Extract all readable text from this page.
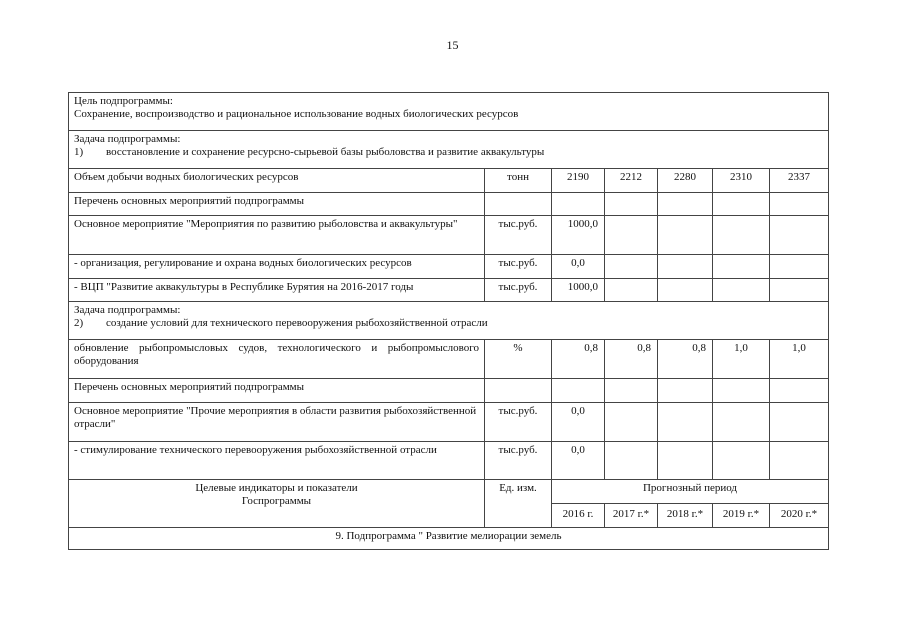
15
Цель подпрограммы:
Сохранение, воспроизводство и рациональное использование водных биологических ресурсов						

Задача подпрограммы:
1) восстановление и сохранение ресурсно-сырьевой базы рыболовства и развитие аквакультуры						

Объем добычи водных биологических ресурсов	тонн	2190	2212	2280	2310	2337
Перечень основных мероприятий подпрограммы						
Основное мероприятие "Мероприятия по развитию рыболовства и аквакультуры"	тыс.руб.	1000,0				
- организация, регулирование и охрана водных биологических ресурсов	тыс.руб.	0,0				
- ВЦП "Развитие аквакультуры в Республике Бурятия на 2016-2017 годы	тыс.руб.	1000,0				

Задача подпрограммы:
2) создание условий для технического перевооружения рыбохозяйственной отрасли						

обновление рыбопромысловых судов, технологического и рыбопромыслового оборудования	%	0,8	0,8	0,8	1,0	1,0
Перечень основных мероприятий подпрограммы						
Основное мероприятие "Прочие мероприятия в области развития рыбохозяйственной отрасли"	тыс.руб.	0,0				
- стимулирование технического перевооружения рыбохозяйственной отрасли	тыс.руб.	0,0				
Целевые индикаторы и показатели Госпрограммы	Ед. изм.	Прогнозный период				
		2016 г.	2017 г.*	2018 г.*	2019 г.*	2020 г.*
9. Подпрограмма " Развитие мелиорации земель						
